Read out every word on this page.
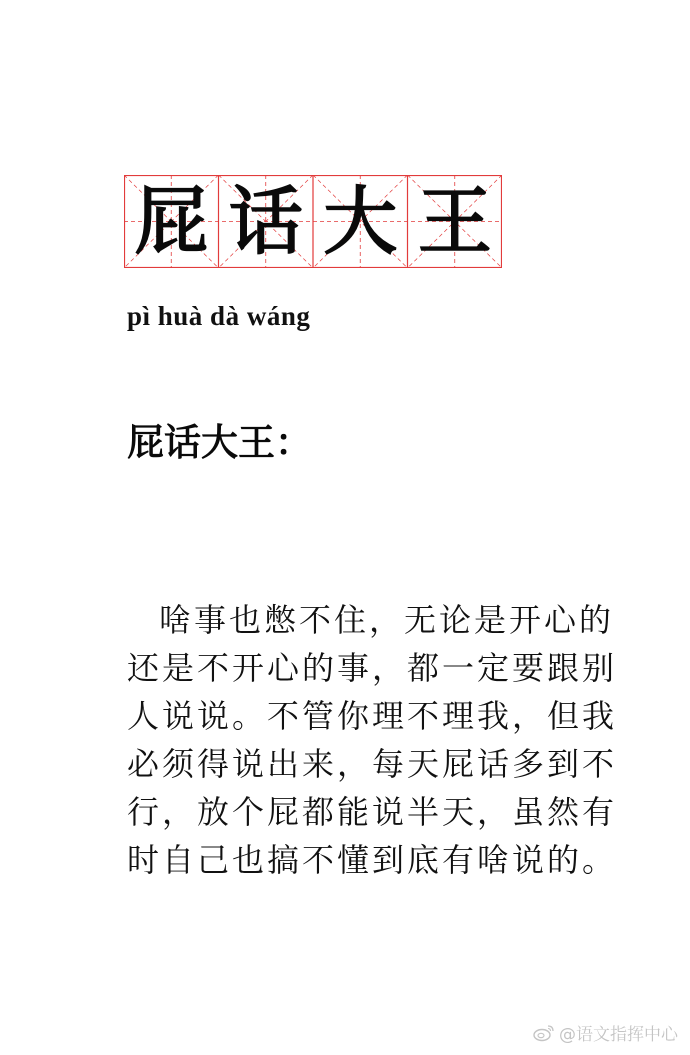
屁 话 大 王
pì huà dà wáng
屁话大王：
啥事也憋不住，无论是开心的
还是不开心的事，都一定要跟别
人说说。不管你理不理我，但我
必须得说出来，每天屁话多到不
行，放个屁都能说半天，虽然有
时自己也搞不懂到底有啥说的。
@语文指挥中心
